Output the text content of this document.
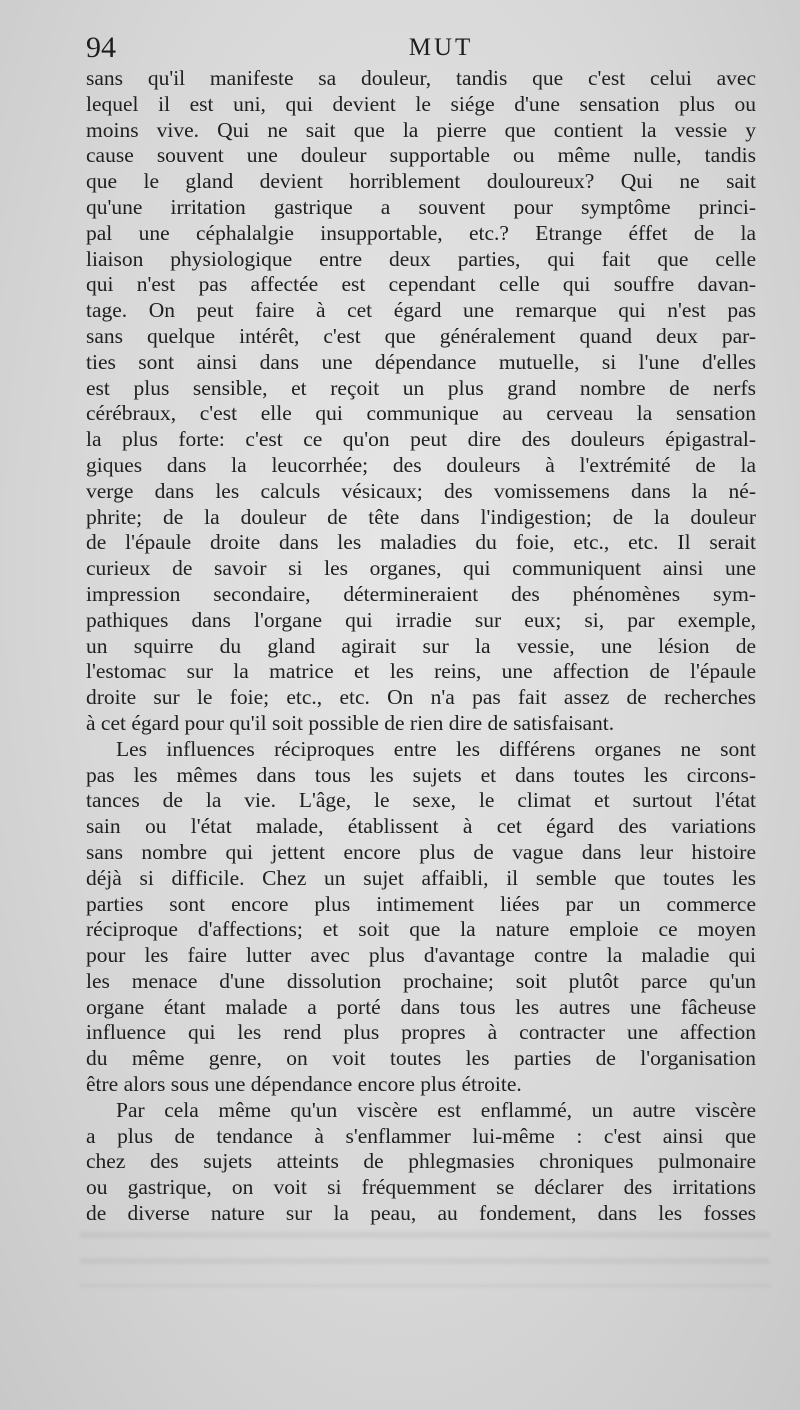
94	MUT
sans qu'il manifeste sa douleur, tandis que c'est celui avec
lequel il est uni, qui devient le siége d'une sensation plus ou
moins vive. Qui ne sait que la pierre que contient la vessie y
cause souvent une douleur supportable ou même nulle, tandis
que le gland devient horriblement douloureux? Qui ne sait
qu'une irritation gastrique a souvent pour symptôme princi-
pal une céphalalgie insupportable, etc.? Etrange éffet de la
liaison physiologique entre deux parties, qui fait que celle
qui n'est pas affectée est cependant celle qui souffre davan-
tage. On peut faire à cet égard une remarque qui n'est pas
sans quelque intérêt, c'est que généralement quand deux par-
ties sont ainsi dans une dépendance mutuelle, si l'une d'elles
est plus sensible, et reçoit un plus grand nombre de nerfs
cérébraux, c'est elle qui communique au cerveau la sensation
la plus forte: c'est ce qu'on peut dire des douleurs épigastral-
giques dans la leucorrhée; des douleurs à l'extrémité de la
verge dans les calculs vésicaux; des vomissemens dans la né-
phrite; de la douleur de tête dans l'indigestion; de la douleur
de l'épaule droite dans les maladies du foie, etc., etc. Il serait
curieux de savoir si les organes, qui communiquent ainsi une
impression secondaire, détermineraient des phénomènes sym-
pathiques dans l'organe qui irradie sur eux; si, par exemple,
un squirre du gland agirait sur la vessie, une lésion de
l'estomac sur la matrice et les reins, une affection de l'épaule
droite sur le foie; etc., etc. On n'a pas fait assez de recherches
à cet égard pour qu'il soit possible de rien dire de satisfaisant.
Les influences réciproques entre les différens organes ne sont
pas les mêmes dans tous les sujets et dans toutes les circons-
tances de la vie. L'âge, le sexe, le climat et surtout l'état
sain ou l'état malade, établissent à cet égard des variations
sans nombre qui jettent encore plus de vague dans leur histoire
déjà si difficile. Chez un sujet affaibli, il semble que toutes les
parties sont encore plus intimement liées par un commerce
réciproque d'affections; et soit que la nature emploie ce moyen
pour les faire lutter avec plus d'avantage contre la maladie qui
les menace d'une dissolution prochaine; soit plutôt parce qu'un
organe étant malade a porté dans tous les autres une fâcheuse
influence qui les rend plus propres à contracter une affection
du même genre, on voit toutes les parties de l'organisation
être alors sous une dépendance encore plus étroite.
Par cela même qu'un viscère est enflammé, un autre viscère
a plus de tendance à s'enflammer lui-même : c'est ainsi que
chez des sujets atteints de phlegmasies chroniques pulmonaire
ou gastrique, on voit si fréquemment se déclarer des irritations
de diverse nature sur la peau, au fondement, dans les fosses
